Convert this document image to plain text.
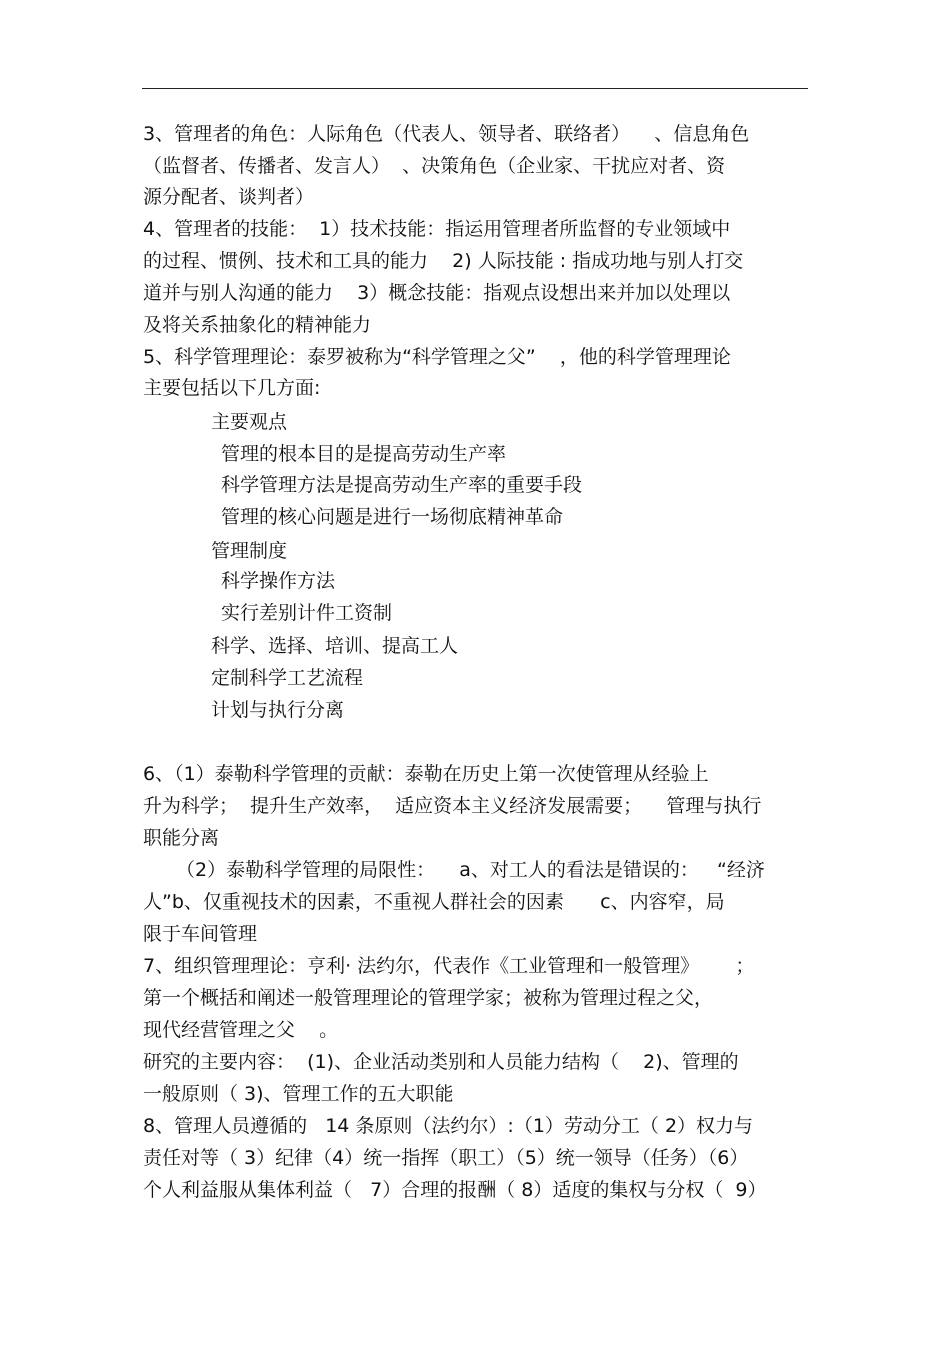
3、管理者的角色：人际角色（代表人、领导者、联络者）    、信息角色
（监督者、传播者、发言人）  、决策角色（企业家、干扰应对者、资
源分配者、谈判者）
4、管理者的技能：  1）技术技能：指运用管理者所监督的专业领域中
的过程、惯例、技术和工具的能力    2) 人际技能 : 指成功地与别人打交
道并与别人沟通的能力    3）概念技能：指观点设想出来并加以处理以
及将关系抽象化的精神能力
5、科学管理理论：泰罗被称为“科学管理之父”    ，他的科学管理理论
主要包括以下几方面:
主要观点
管理的根本目的是提高劳动生产率
科学管理方法是提高劳动生产率的重要手段
管理的核心问题是进行一场彻底精神革命
管理制度
科学操作方法
实行差别计件工资制
科学、选择、培训、提高工人
定制科学工艺流程
计划与执行分离
6、（1）泰勒科学管理的贡献：泰勒在历史上第一次使管理从经验上
升为科学；  提升生产效率，  适应资本主义经济发展需要；    管理与执行
职能分离
（2）泰勒科学管理的局限性：    a、对工人的看法是错误的：   “经济
人”b、仅重视技术的因素，不重视人群社会的因素      c、内容窄，局
限于车间管理
7、组织管理理论：亨利· 法约尔，代表作《工业管理和一般管理》      ；
第一个概括和阐述一般管理理论的管理学家；被称为管理过程之父，
现代经营管理之父    。
研究的主要内容：  (1)、企业活动类别和人员能力结构（    2)、管理的
一般原则（ 3)、管理工作的五大职能
8、管理人员遵循的   14 条原则（法约尔）:（1）劳动分工（ 2）权力与
责任对等（ 3）纪律（4）统一指挥（职工）（5）统一领导（任务）（6）
个人利益服从集体利益（   7）合理的报酬（ 8）适度的集权与分权（  9）
